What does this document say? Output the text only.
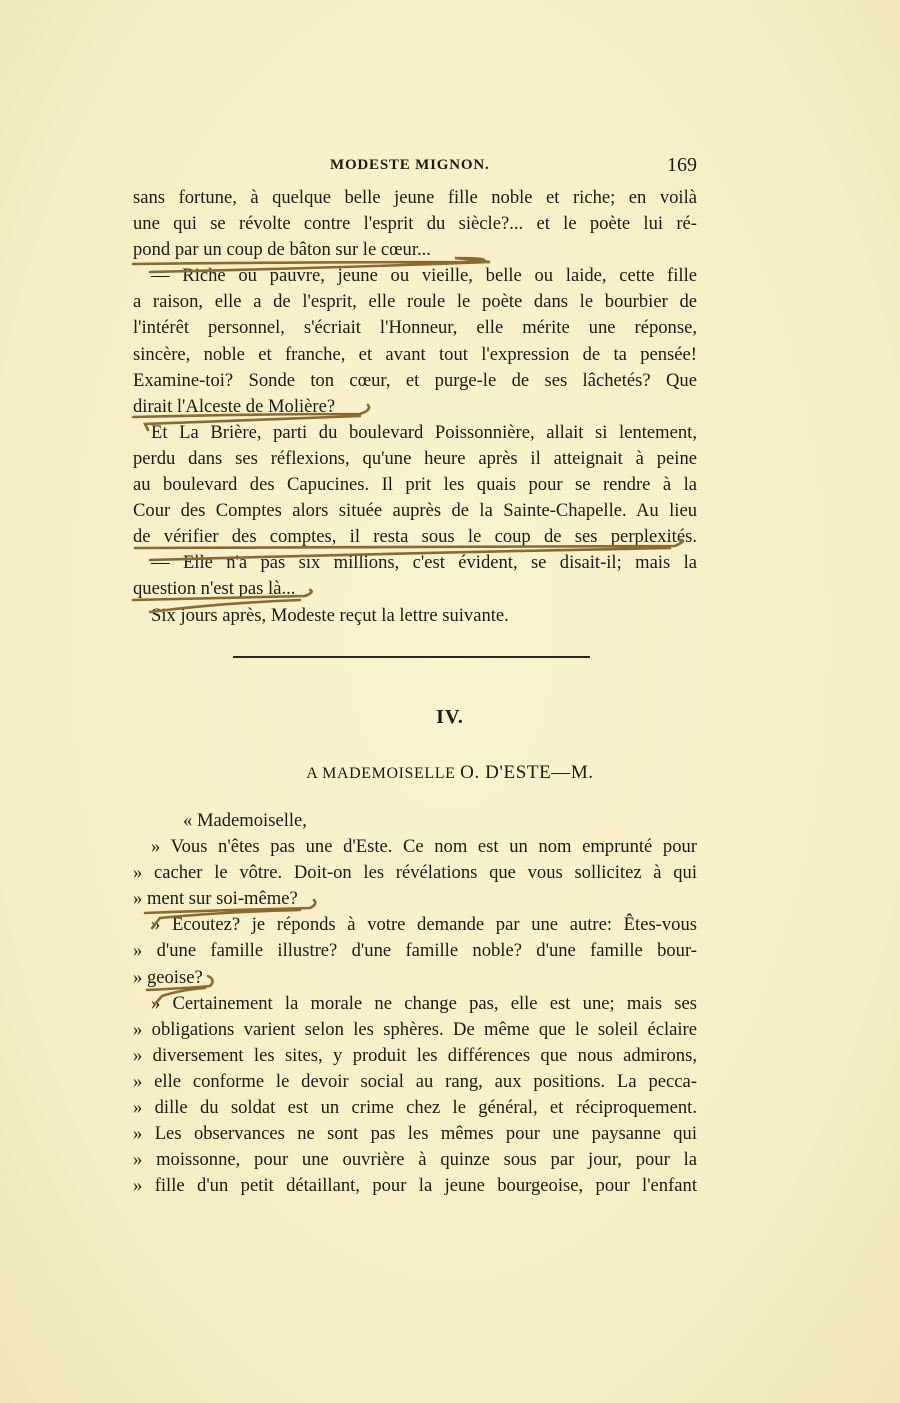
MODESTE MIGNON.	169
sans fortune, à quelque belle jeune fille noble et riche; en voilà
une qui se révolte contre l'esprit du siècle?... et le poète lui ré-
pond par un coup de bâton sur le cœur...
— Riche ou pauvre, jeune ou vieille, belle ou laide, cette fille
a raison, elle a de l'esprit, elle roule le poète dans le bourbier de
l'intérêt personnel, s'écriait l'Honneur, elle mérite une réponse,
sincère, noble et franche, et avant tout l'expression de ta pensée!
Examine-toi? Sonde ton cœur, et purge-le de ses lâchetés? Que
dirait l'Alceste de Molière?
Et La Brière, parti du boulevard Poissonnière, allait si lentement,
perdu dans ses réflexions, qu'une heure après il atteignait à peine
au boulevard des Capucines. Il prit les quais pour se rendre à la
Cour des Comptes alors située auprès de la Sainte-Chapelle. Au lieu
de vérifier des comptes, il resta sous le coup de ses perplexités.
— Elle n'a pas six millions, c'est évident, se disait-il; mais la
question n'est pas là...
Six jours après, Modeste reçut la lettre suivante.
IV.
A MADEMOISELLE O. D'ESTE—M.
« Mademoiselle,
» Vous n'êtes pas une d'Este. Ce nom est un nom emprunté pour
» cacher le vôtre. Doit-on les révélations que vous sollicitez à qui
» ment sur soi-même?
» Ecoutez? je réponds à votre demande par une autre: Êtes-vous
» d'une famille illustre? d'une famille noble? d'une famille bour-
» geoise?
» Certainement la morale ne change pas, elle est une; mais ses
» obligations varient selon les sphères. De même que le soleil éclaire
» diversement les sites, y produit les différences que nous admirons,
» elle conforme le devoir social au rang, aux positions. La pecca-
» dille du soldat est un crime chez le général, et réciproquement.
» Les observances ne sont pas les mêmes pour une paysanne qui
» moissonne, pour une ouvrière à quinze sous par jour, pour la
» fille d'un petit détaillant, pour la jeune bourgeoise, pour l'enfant
